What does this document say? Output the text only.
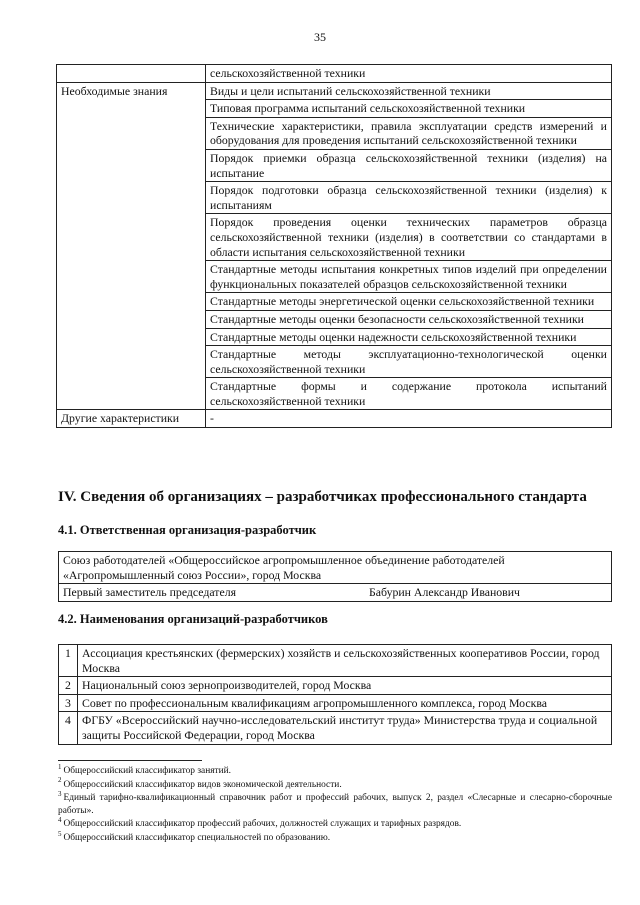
35
	сельскохозяйственной техники
Необходимые знания	Виды и цели испытаний сельскохозяйственной техники
	Типовая программа испытаний сельскохозяйственной техники
	Технические характеристики, правила эксплуатации средств измерений и оборудования для проведения испытаний сельскохозяйственной техники
	Порядок приемки образца сельскохозяйственной техники (изделия) на испытание
	Порядок подготовки образца сельскохозяйственной техники (изделия) к испытаниям
	Порядок проведения оценки технических параметров образца сельскохозяйственной техники (изделия) в соответствии со стандартами в области испытания сельскохозяйственной техники
	Стандартные методы испытания конкретных типов изделий при определении функциональных показателей образцов сельскохозяйственной техники
	Стандартные методы энергетической оценки сельскохозяйственной техники
	Стандартные методы оценки безопасности сельскохозяйственной техники
	Стандартные методы оценки надежности сельскохозяйственной техники
	Стандартные методы эксплуатационно-технологической оценки сельскохозяйственной техники
	Стандартные формы и содержание протокола испытаний сельскохозяйственной техники
Другие характеристики	-
IV. Сведения об организациях – разработчиках профессионального стандарта
4.1. Ответственная организация-разработчик
Союз работодателей «Общероссийское агропромышленное объединение работодателей «Агропромышленный союз России», город Москва
Первый заместитель председателя	Бабурин Александр Иванович
4.2. Наименования организаций-разработчиков
1	Ассоциация крестьянских (фермерских) хозяйств и сельскохозяйственных кооперативов России, город Москва
2	Национальный союз зернопроизводителей, город Москва
3	Совет по профессиональным квалификациям агропромышленного комплекса, город Москва
4	ФГБУ «Всероссийский научно-исследовательский институт труда» Министерства труда и социальной защиты Российской Федерации, город Москва

$^1$ Общероссийский классификатор занятий.

$^2$ Общероссийский классификатор видов экономической деятельности.

$^3$ Единый тарифно-квалификационный справочник работ и профессий рабочих, выпуск 2, раздел «Слесарные и слесарно-сборочные работы».

$^4$ Общероссийский классификатор профессий рабочих, должностей служащих и тарифных разрядов.

$^5$ Общероссийский классификатор специальностей по образованию.
